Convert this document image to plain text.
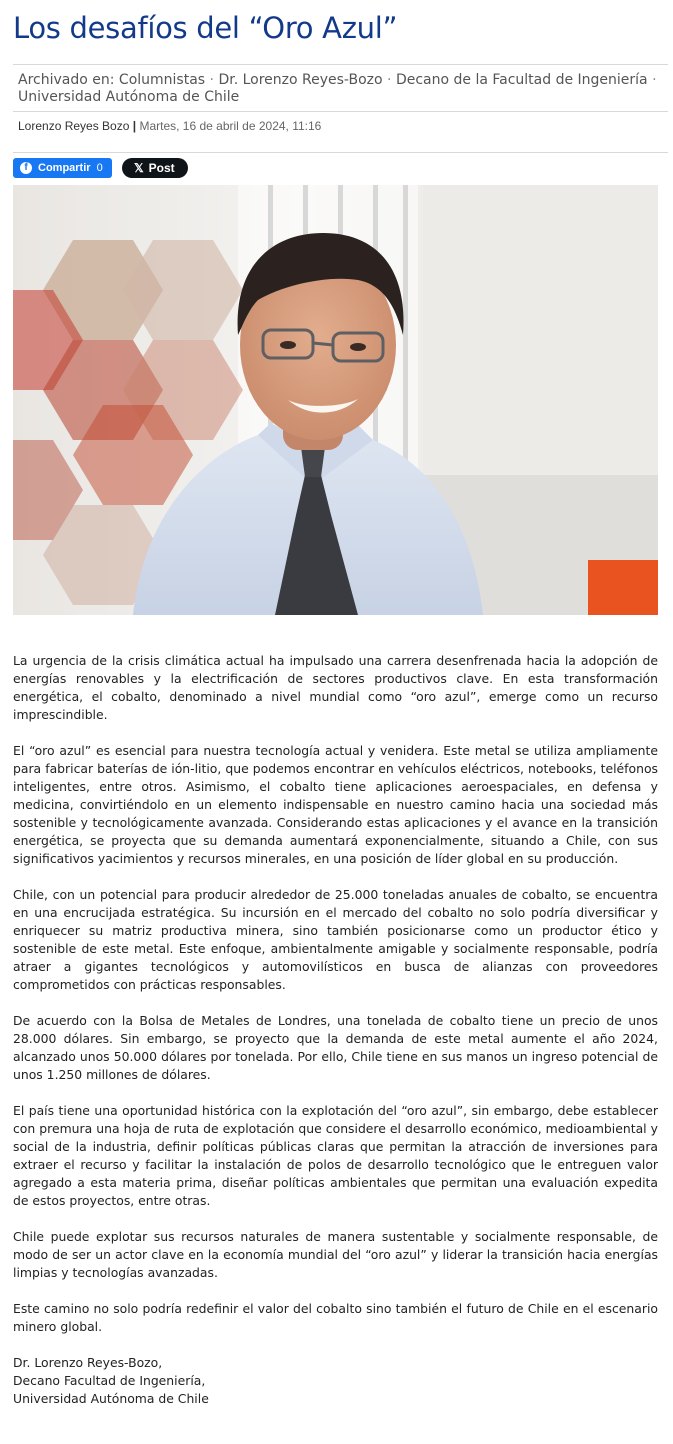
Los desafíos del “Oro Azul”
Archivado en: Columnistas · Dr. Lorenzo Reyes-Bozo · Decano de la Facultad de Ingeniería · Universidad Autónoma de Chile
Lorenzo Reyes Bozo | Martes, 16 de abril de 2024, 11:16
f Compartir 0	𝕏 Post

La urgencia de la crisis climática actual ha impulsado una carrera desenfrenada hacia la adopción de energías renovables y la electrificación de sectores productivos clave. En esta transformación energética, el cobalto, denominado a nivel mundial como “oro azul”, emerge como un recurso imprescindible.

El “oro azul” es esencial para nuestra tecnología actual y venidera. Este metal se utiliza ampliamente para fabricar baterías de ión-litio, que podemos encontrar en vehículos eléctricos, notebooks, teléfonos inteligentes, entre otros. Asimismo, el cobalto tiene aplicaciones aeroespaciales, en defensa y medicina, convirtiéndolo en un elemento indispensable en nuestro camino hacia una sociedad más sostenible y tecnológicamente avanzada. Considerando estas aplicaciones y el avance en la transición energética, se proyecta que su demanda aumentará exponencialmente, situando a Chile, con sus significativos yacimientos y recursos minerales, en una posición de líder global en su producción.

Chile, con un potencial para producir alrededor de 25.000 toneladas anuales de cobalto, se encuentra en una encrucijada estratégica. Su incursión en el mercado del cobalto no solo podría diversificar y enriquecer su matriz productiva minera, sino también posicionarse como un productor ético y sostenible de este metal. Este enfoque, ambientalmente amigable y socialmente responsable, podría atraer a gigantes tecnológicos y automovilísticos en busca de alianzas con proveedores comprometidos con prácticas responsables.

De acuerdo con la Bolsa de Metales de Londres, una tonelada de cobalto tiene un precio de unos 28.000 dólares. Sin embargo, se proyecto que la demanda de este metal aumente el año 2024, alcanzado unos 50.000 dólares por tonelada. Por ello, Chile tiene en sus manos un ingreso potencial de unos 1.250 millones de dólares.

El país tiene una oportunidad histórica con la explotación del “oro azul”, sin embargo, debe establecer con premura una hoja de ruta de explotación que considere el desarrollo económico, medioambiental y social de la industria, definir políticas públicas claras que permitan la atracción de inversiones para extraer el recurso y facilitar la instalación de polos de desarrollo tecnológico que le entreguen valor agregado a esta materia prima, diseñar políticas ambientales que permitan una evaluación expedita de estos proyectos, entre otras.

Chile puede explotar sus recursos naturales de manera sustentable y socialmente responsable, de modo de ser un actor clave en la economía mundial del “oro azul” y liderar la transición hacia energías limpias y tecnologías avanzadas.

Este camino no solo podría redefinir el valor del cobalto sino también el futuro de Chile en el escenario minero global.

Dr. Lorenzo Reyes-Bozo,
Decano Facultad de Ingeniería,
Universidad Autónoma de Chile
